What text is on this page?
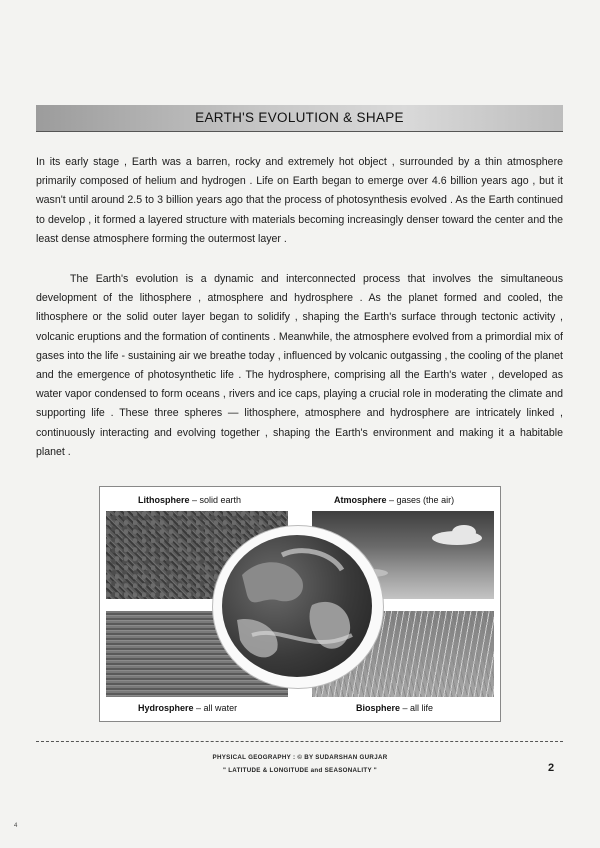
EARTH'S EVOLUTION & SHAPE

In its early stage , Earth was a barren, rocky and extremely hot object , surrounded by a thin atmosphere primarily composed of helium and hydrogen . Life on Earth began to emerge over 4.6 billion years ago , but it wasn't until around 2.5 to 3 billion years ago that the process of photosynthesis evolved . As the Earth continued to develop , it formed a layered structure with materials becoming increasingly denser toward the center and the least dense atmosphere forming the outermost layer .

The Earth's evolution is a dynamic and interconnected process that involves the simultaneous development of the lithosphere , atmosphere and hydrosphere . As the planet formed and cooled, the lithosphere or the solid outer layer began to solidify , shaping the Earth's surface through tectonic activity , volcanic eruptions and the formation of continents . Meanwhile, the atmosphere evolved from a primordial mix of gases into the life - sustaining air we breathe today , influenced by volcanic outgassing , the cooling of the planet and the emergence of photosynthetic life . The hydrosphere, comprising all the Earth's water , developed as water vapor condensed to form oceans , rivers and ice caps, playing a crucial role in moderating the climate and supporting life . These three spheres — lithosphere, atmosphere and hydrosphere are intricately linked , continuously interacting and evolving together , shaping the Earth's environment and making it a habitable planet .

Lithosphere – solid earth	Atmosphere – gases (the air)
Hydrosphere – all water	Biosphere – all life
PHYSICAL GEOGRAPHY : © BY SUDARSHAN GURJAR
" LATITUDE & LONGITUDE and SEASONALITY "	2
4
